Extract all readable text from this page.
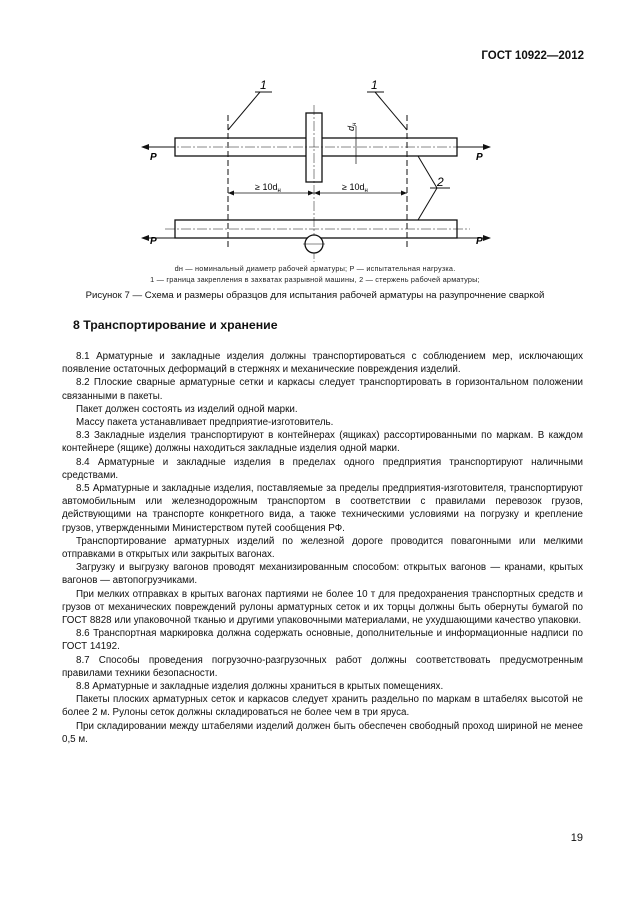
ГОСТ 10922—2012
1	1
$d_н$
≥ $10d_н$	≥ $10d_н$
2
P	P
P	P
dн — номинальный диаметр рабочей арматуры; P — испытательная нагрузка.
1 — граница закрепления в захватах разрывной машины, 2 — стержень рабочей арматуры;
Рисунок 7 — Схема и размеры образцов для испытания рабочей арматуры на разупрочнение сваркой
8 Транспортирование и хранение

8.1 Арматурные и закладные изделия должны транспортироваться с соблюдением мер, исключающих появление остаточных деформаций в стержнях и механические повреждения изделий.

8.2 Плоские сварные арматурные сетки и каркасы следует транспортировать в горизонтальном положении связанными в пакеты.

Пакет должен состоять из изделий одной марки.

Массу пакета устанавливает предприятие-изготовитель.

8.3 Закладные изделия транспортируют в контейнерах (ящиках) рассортированными по маркам. В каждом контейнере (ящике) должны находиться закладные изделия одной марки.

8.4 Арматурные и закладные изделия в пределах одного предприятия транспортируют наличными средствами.

8.5 Арматурные и закладные изделия, поставляемые за пределы предприятия-изготовителя, транспортируют автомобильным или железнодорожным транспортом в соответствии с правилами перевозок грузов, действующими на транспорте конкретного вида, а также техническими условиями на погрузку и крепление грузов, утвержденными Министерством путей сообщения РФ.

Транспортирование арматурных изделий по железной дороге проводится повагонными или мелкими отправками в открытых или закрытых вагонах.

Загрузку и выгрузку вагонов проводят механизированным способом: открытых вагонов — кранами, крытых вагонов — автопогрузчиками.

При мелких отправках в крытых вагонах партиями не более 10 т для предохранения транспортных средств и грузов от механических повреждений рулоны арматурных сеток и их торцы должны быть обернуты бумагой по ГОСТ 8828 или упаковочной тканью и другими упаковочными материалами, не ухудшающими качество упаковки.

8.6 Транспортная маркировка должна содержать основные, дополнительные и информационные надписи по ГОСТ 14192.

8.7 Способы проведения погрузочно-разгрузочных работ должны соответствовать предусмотренным правилами техники безопасности.

8.8 Арматурные и закладные изделия должны храниться в крытых помещениях.

Пакеты плоских арматурных сеток и каркасов следует хранить раздельно по маркам в штабелях высотой не более 2 м. Рулоны сеток должны складироваться не более чем в три яруса.

При складировании между штабелями изделий должен быть обеспечен свободный проход шириной не менее 0,5 м.

19
